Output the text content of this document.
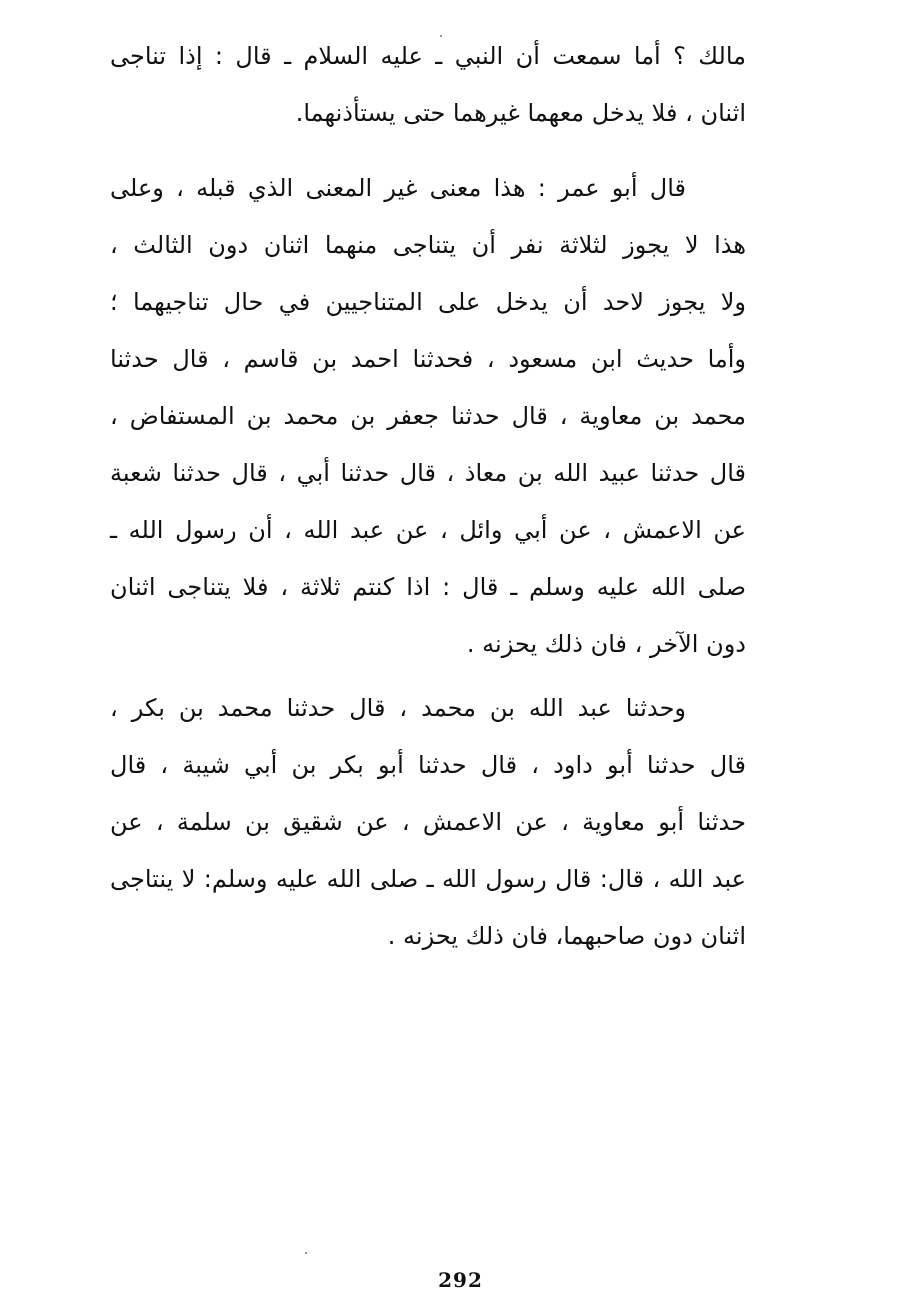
مالك ؟ أما سمعت أن النبي ـ عليه السلام ـ قال : إذا تناجى
اثنان ، فلا يدخل معهما غيرهما حتى يستأذنهما.
قال أبو عمر : هذا معنى غير المعنى الذي قبله ، وعلى
هذا لا يجوز لثلاثة نفر أن يتناجى منهما اثنان دون الثالث ،
ولا يجوز لاحد أن يدخل على المتناجيين في حال تناجيهما ؛
وأما حديث ابن مسعود ، فحدثنا احمد بن قاسم ، قال حدثنا
محمد بن معاوية ، قال حدثنا جعفر بن محمد بن المستفاض ،
قال حدثنا عبيد الله بن معاذ ، قال حدثنا أبي ، قال حدثنا شعبة
عن الاعمش ، عن أبي وائل ، عن عبد الله ، أن رسول الله ـ
صلى الله عليه وسلم ـ قال : اذا كنتم ثلاثة ، فلا يتناجى اثنان
دون الآخر ، فان ذلك يحزنه .
وحدثنا عبد الله بن محمد ، قال حدثنا محمد بن بكر ،
قال حدثنا أبو داود ، قال حدثنا أبو بكر بن أبي شيبة ، قال
حدثنا أبو معاوية ، عن الاعمش ، عن شقيق بن سلمة ، عن
عبد الله ، قال: قال رسول الله ـ صلى الله عليه وسلم: لا ينتاجى
اثنان دون صاحبهما، فان ذلك يحزنه .
292
